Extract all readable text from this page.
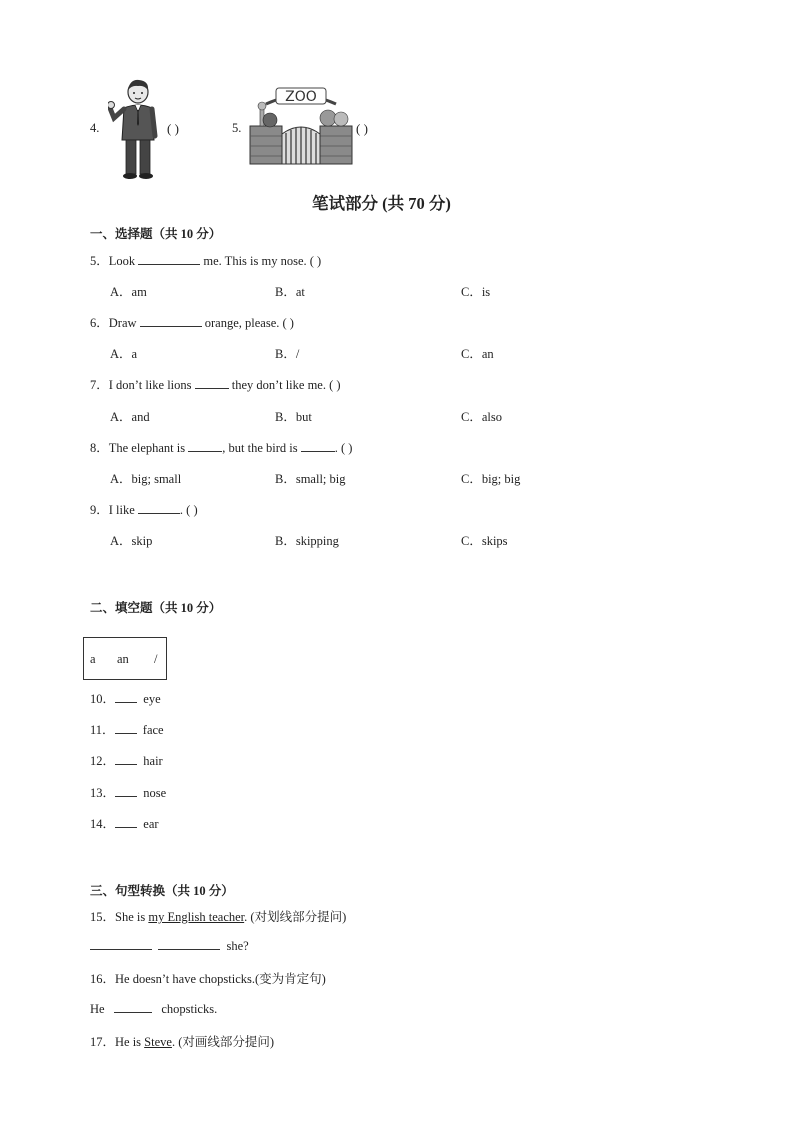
4.	( )	5.
ZOO
( )
笔试部分 (共 70 分)
一、选择题（共 10 分）
5．Look	me. This is my nose. ( )
A．am	B．at	C．is
6．Draw	orange, please. ( )
A．a	B．/	C．an
7．I don’t like lions	they don’t like me. ( )
A．and	B．but	C．also
8．The elephant is	, but the bird is	. ( )
A．big; small	B．small; big	C．big; big
9．I like	. ( )
A．skip	B．skipping	C．skips
二、填空题（共 10 分）
a an /
10． eye
11． face
12． hair
13． nose
14． ear
三、句型转换（共 10 分）
15．She is my English teacher. (对划线部分提问)
she?
16．He doesn’t have chopsticks.(变为肯定句)
He	chopsticks.
17．He is Steve. (对画线部分提问)
